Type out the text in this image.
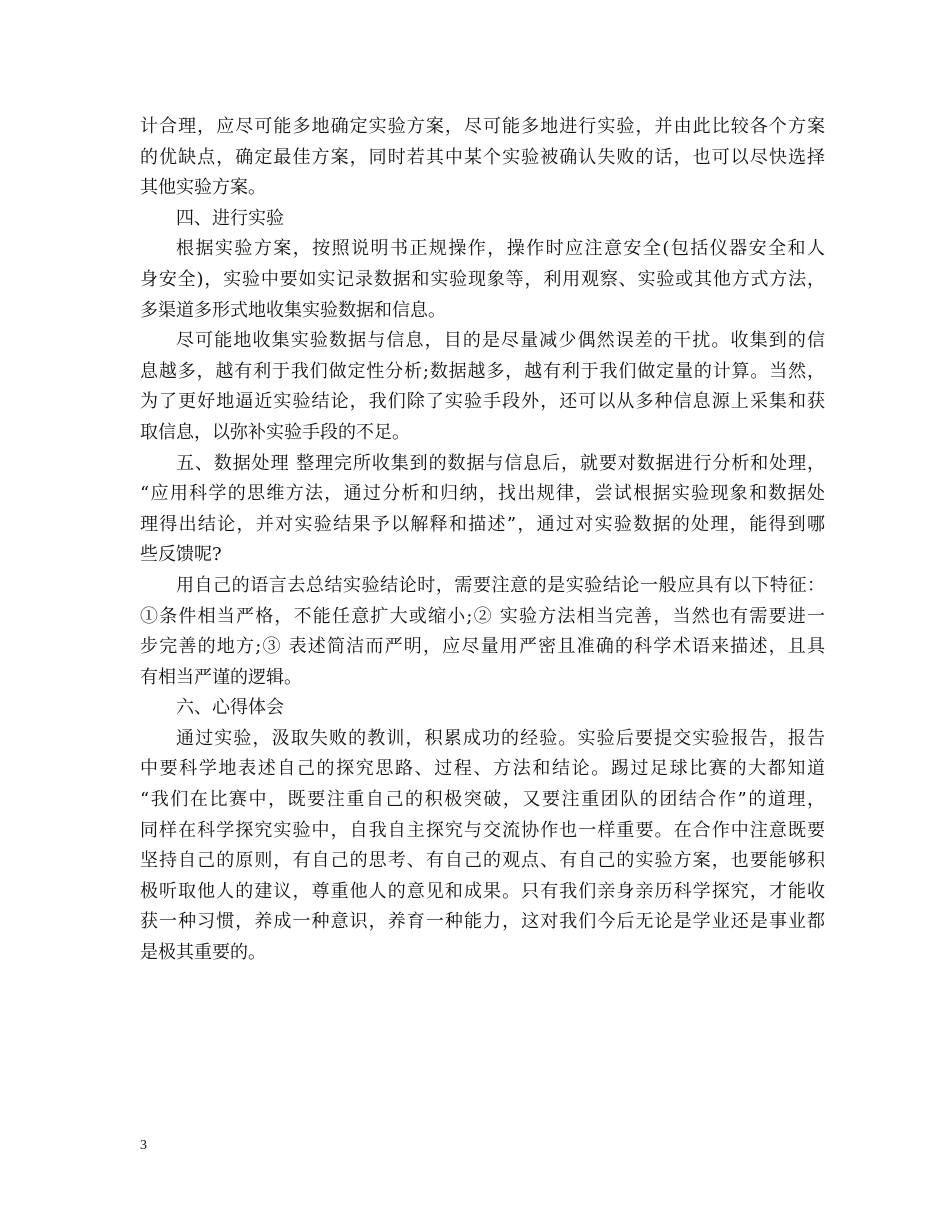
计合理，应尽可能多地确定实验方案，尽可能多地进行实验，并由此比较各个方案

的优缺点，确定最佳方案，同时若其中某个实验被确认失败的话，也可以尽快选择

其他实验方案。

四、进行实验

根据实验方案，按照说明书正规操作，操作时应注意安全(包括仪器安全和人

身安全)，实验中要如实记录数据和实验现象等，利用观察、实验或其他方式方法，

多渠道多形式地收集实验数据和信息。

尽可能地收集实验数据与信息，目的是尽量减少偶然误差的干扰。收集到的信

息越多，越有利于我们做定性分析;数据越多，越有利于我们做定量的计算。当然，

为了更好地逼近实验结论，我们除了实验手段外，还可以从多种信息源上采集和获

取信息，以弥补实验手段的不足。

五、数据处理 整理完所收集到的数据与信息后，就要对数据进行分析和处理，

“应用科学的思维方法，通过分析和归纳，找出规律，尝试根据实验现象和数据处

理得出结论，并对实验结果予以解释和描述”，通过对实验数据的处理，能得到哪

些反馈呢?

用自己的语言去总结实验结论时，需要注意的是实验结论一般应具有以下特征：

①条件相当严格，不能任意扩大或缩小;② 实验方法相当完善，当然也有需要进一

步完善的地方;③ 表述简洁而严明，应尽量用严密且准确的科学术语来描述，且具

有相当严谨的逻辑。

六、心得体会

通过实验，汲取失败的教训，积累成功的经验。实验后要提交实验报告，报告

中要科学地表述自己的探究思路、过程、方法和结论。踢过足球比赛的大都知道

“我们在比赛中，既要注重自己的积极突破，又要注重团队的团结合作”的道理，

同样在科学探究实验中，自我自主探究与交流协作也一样重要。在合作中注意既要

坚持自己的原则，有自己的思考、有自己的观点、有自己的实验方案，也要能够积

极听取他人的建议，尊重他人的意见和成果。只有我们亲身亲历科学探究，才能收

获一种习惯，养成一种意识，养育一种能力，这对我们今后无论是学业还是事业都

是极其重要的。

3
